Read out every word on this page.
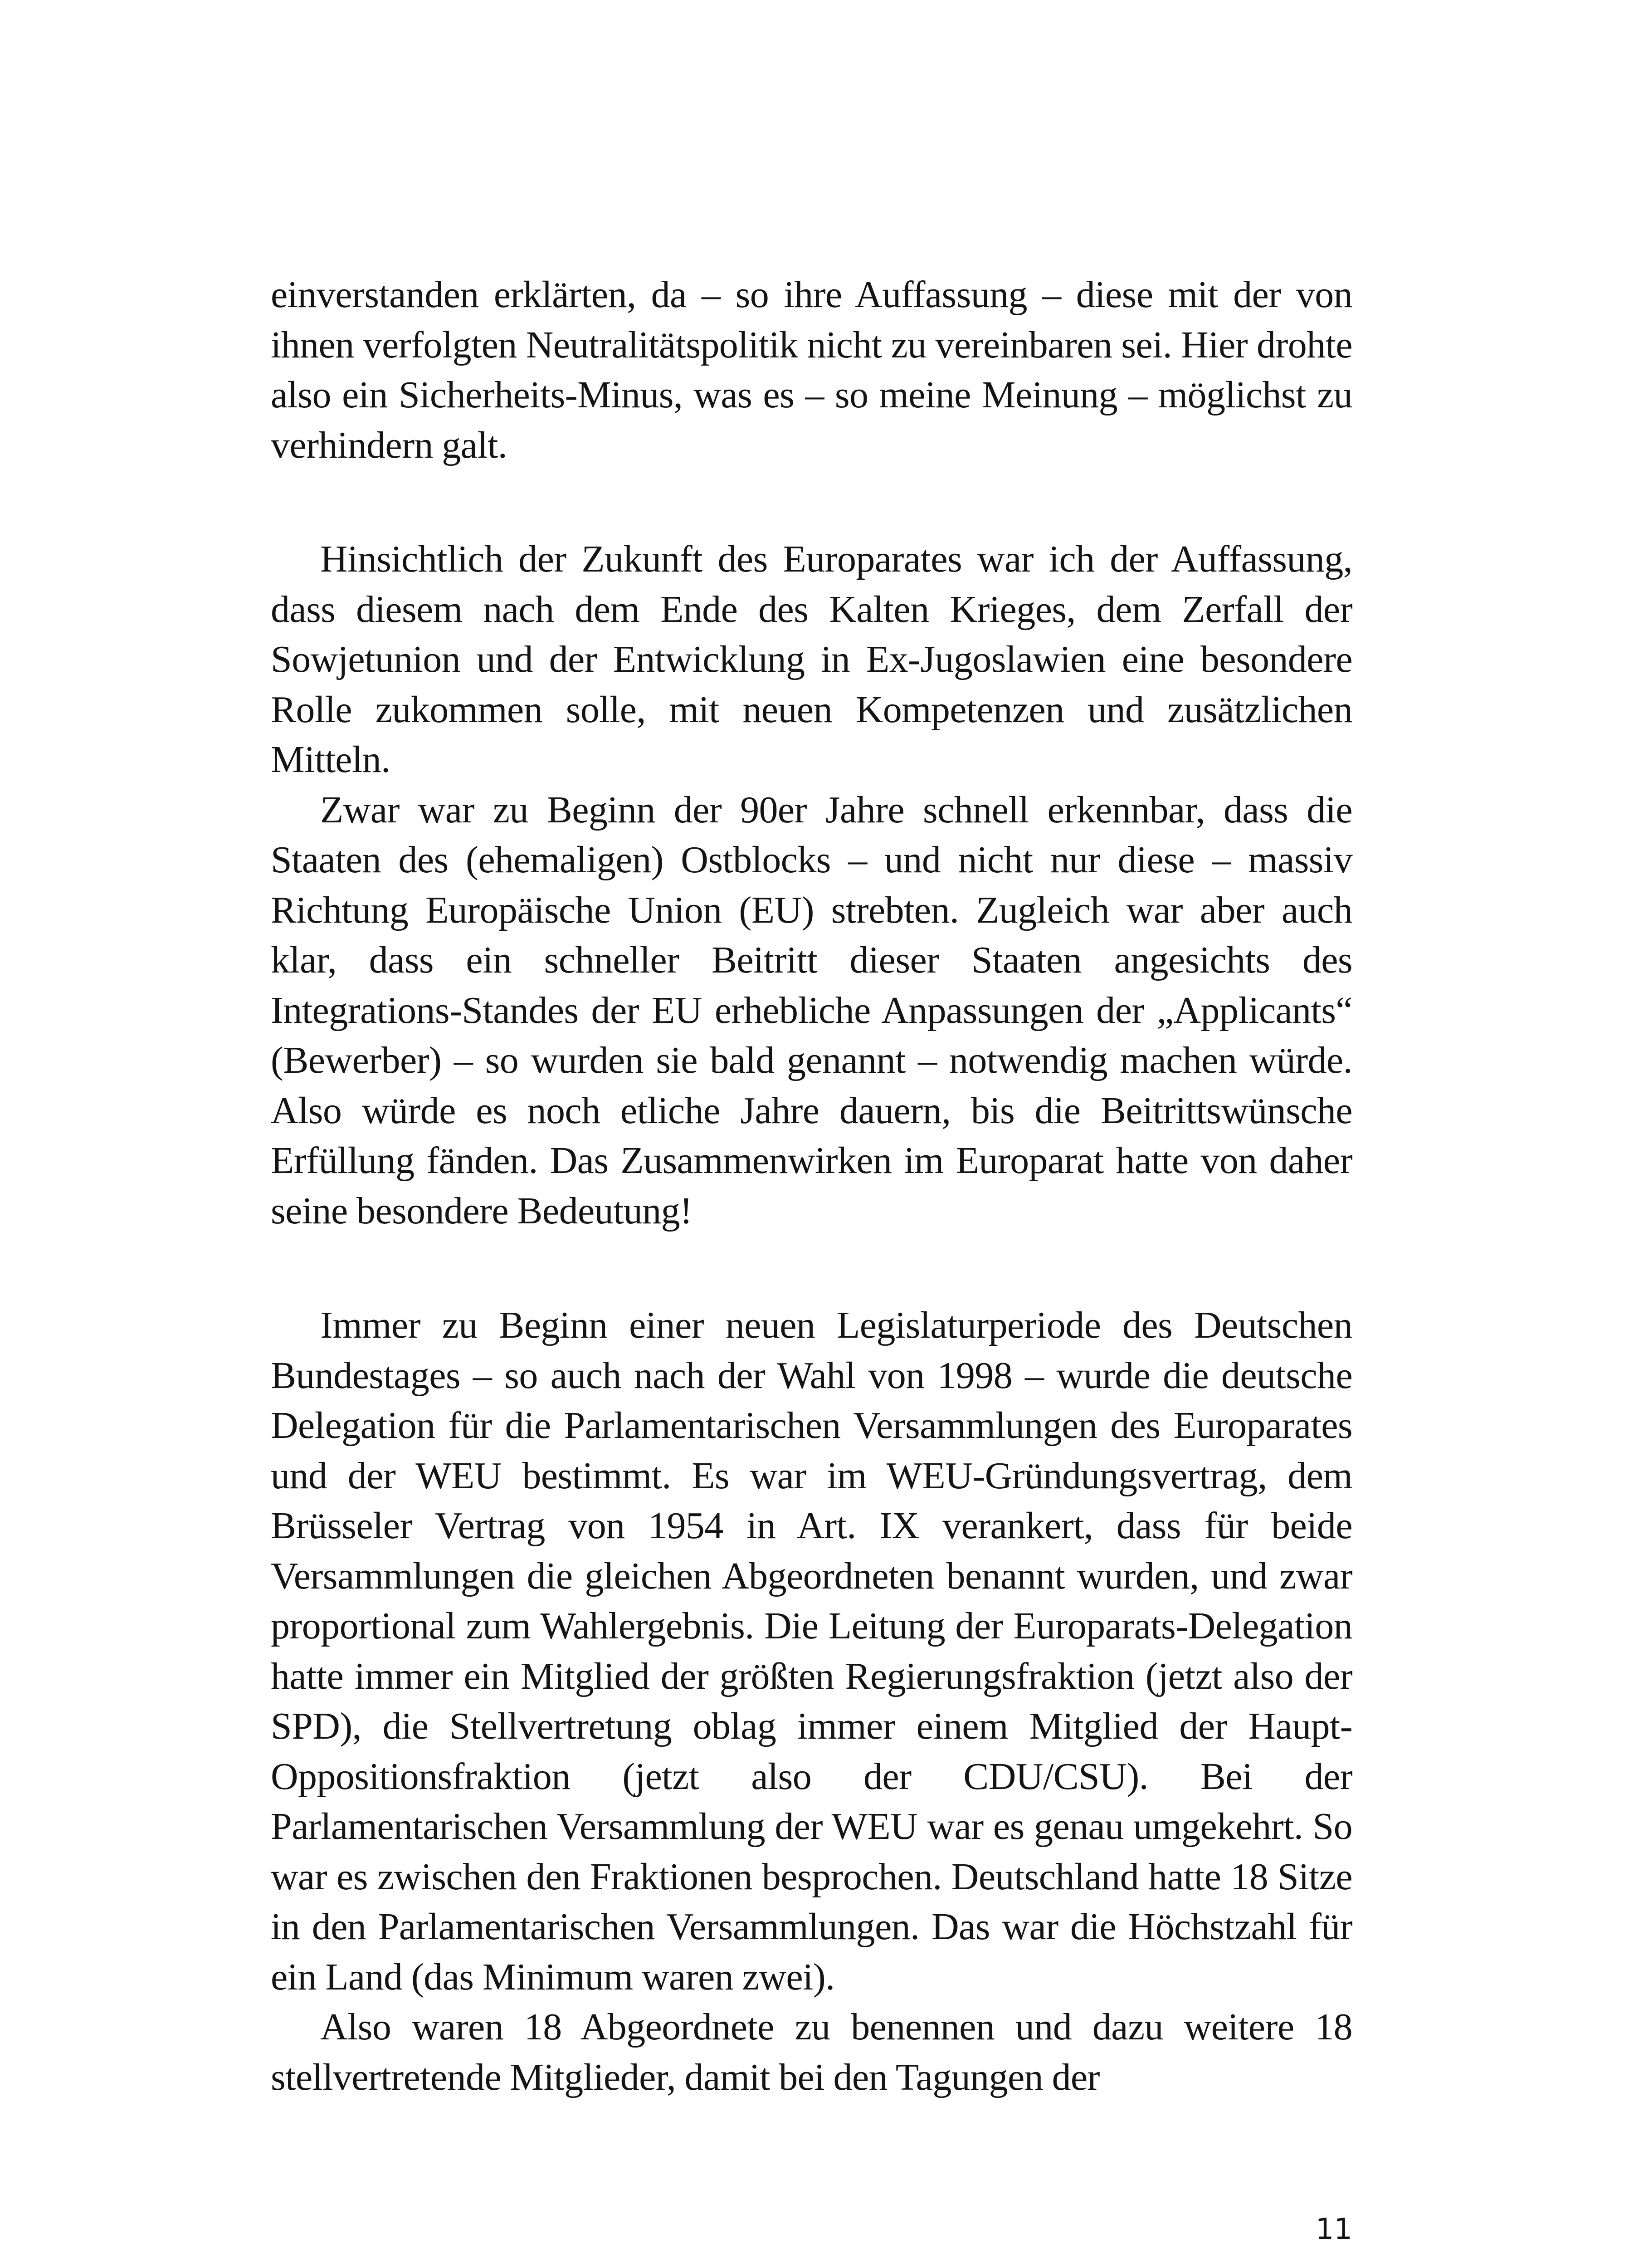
einverstanden erklärten, da – so ihre Auffassung – diese mit der von ihnen verfolgten Neutralitätspolitik nicht zu vereinbaren sei. Hier drohte also ein Sicherheits-Minus, was es – so meine Meinung – möglichst zu verhindern galt.

Hinsichtlich der Zukunft des Europarates war ich der Auffassung, dass diesem nach dem Ende des Kalten Krieges, dem Zerfall der Sowjetunion und der Entwicklung in Ex-Jugoslawien eine besondere Rolle zukommen solle, mit neuen Kompetenzen und zusätzlichen Mitteln.

Zwar war zu Beginn der 90er Jahre schnell erkennbar, dass die Staaten des (ehemaligen) Ostblocks – und nicht nur diese – massiv Richtung Europäische Union (EU) strebten. Zugleich war aber auch klar, dass ein schneller Beitritt dieser Staaten angesichts des Integrations-Standes der EU erhebliche Anpassungen der „Applicants“ (Bewerber) – so wurden sie bald genannt – notwendig machen würde. Also würde es noch etliche Jahre dauern, bis die Beitrittswünsche Erfüllung fänden. Das Zusammenwirken im Europarat hatte von daher seine besondere Bedeutung!

Immer zu Beginn einer neuen Legislaturperiode des Deutschen Bundestages – so auch nach der Wahl von 1998 – wurde die deutsche Delegation für die Parlamentarischen Versammlungen des Europarates und der WEU bestimmt. Es war im WEU-Gründungsvertrag, dem Brüsseler Vertrag von 1954 in Art. IX verankert, dass für beide Versammlungen die gleichen Abgeordneten benannt wurden, und zwar proportional zum Wahlergebnis. Die Leitung der Europarats-Delegation hatte immer ein Mitglied der größten Regierungsfraktion (jetzt also der SPD), die Stellvertretung oblag immer einem Mitglied der Haupt-Oppositionsfraktion (jetzt also der CDU/CSU). Bei der Parlamentarischen Versammlung der WEU war es genau umgekehrt. So war es zwischen den Fraktionen besprochen. Deutschland hatte 18 Sitze in den Parlamentarischen Versammlungen. Das war die Höchstzahl für ein Land (das Minimum waren zwei).

Also waren 18 Abgeordnete zu benennen und dazu weitere 18 stellvertretende Mitglieder, damit bei den Tagungen der

11
